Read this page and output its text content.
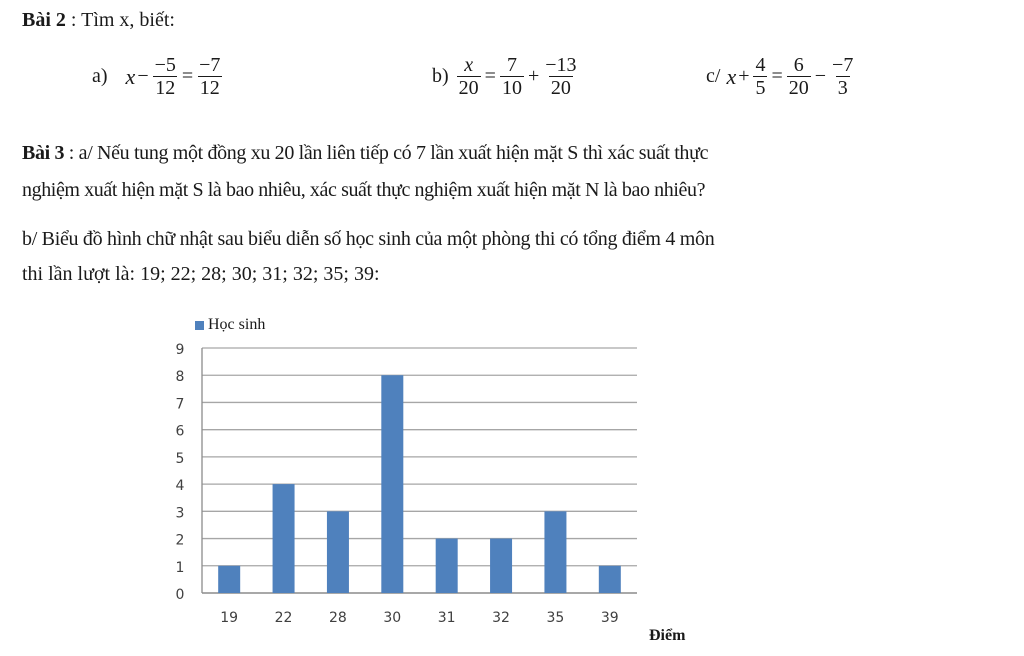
Bài 2 : Tìm x, biết:
a) $x - \frac{-5}{12} = \frac{-7}{12}$	$b) \frac{x}{20} = \frac{7}{10} + \frac{-13}{20}$	c/ $x + \frac{4}{5} = \frac{6}{20} - \frac{-7}{3}$
Bài 3 : a/ Nếu tung một đồng xu 20 lần liên tiếp có 7 lần xuất hiện mặt S thì xác suất thực
nghiệm xuất hiện mặt S là bao nhiêu, xác suất thực nghiệm xuất hiện mặt N là bao nhiêu?
b/ Biểu đồ hình chữ nhật sau biểu diễn số học sinh của một phòng thi có tổng điểm 4 môn
thi lần lượt là: 19; 22; 28; 30; 31; 32; 35; 39:
0
1
2
3
4
5
6
7
8
9
19	22	28	30	31	32	35	39
Học sinh
Điểm
